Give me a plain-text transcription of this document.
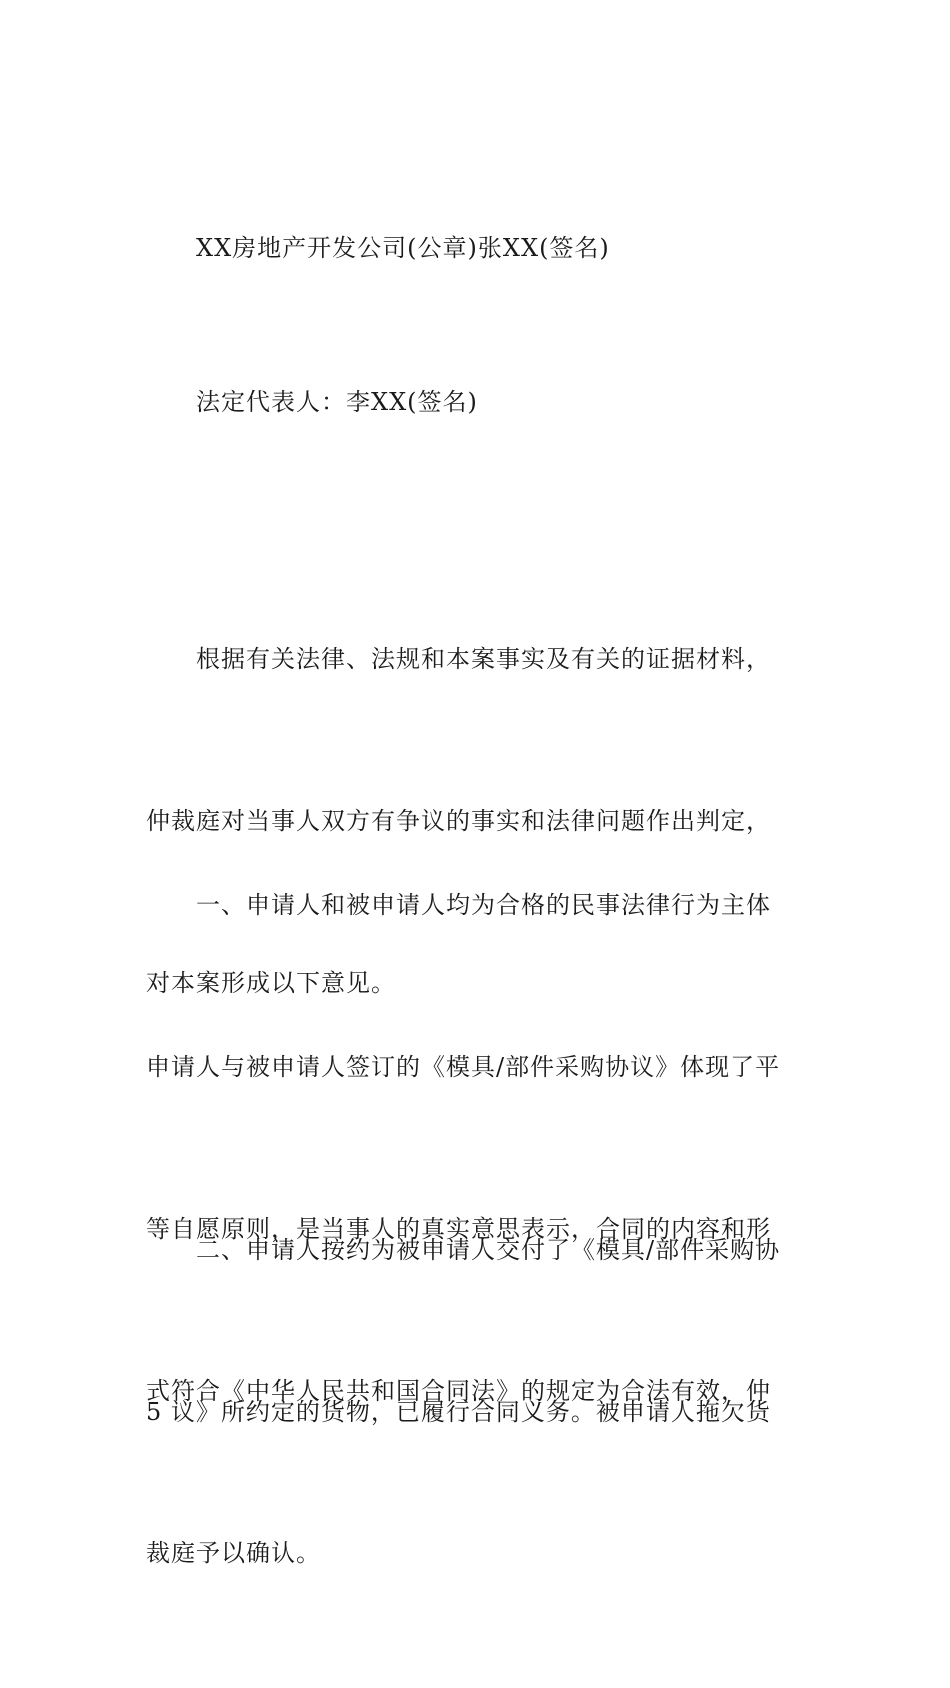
XX房地产开发公司(公章)张XX(签名)

法定代表人：李XX(签名)

根据有关法律、法规和本案事实及有关的证据材料，

仲裁庭对当事人双方有争议的事实和法律问题作出判定，

对本案形成以下意见。

一、申请人和被申请人均为合格的民事法律行为主体

申请人与被申请人签订的《模具/部件采购协议》体现了平

等自愿原则，是当事人的真实意思表示，合同的内容和形

式符合《中华人民共和国合同法》的规定为合法有效，仲

裁庭予以确认。

二、申请人按约为被申请人交付了《模具/部件采购协

5 议》所约定的货物，已履行合同义务。被申请人拖欠货
